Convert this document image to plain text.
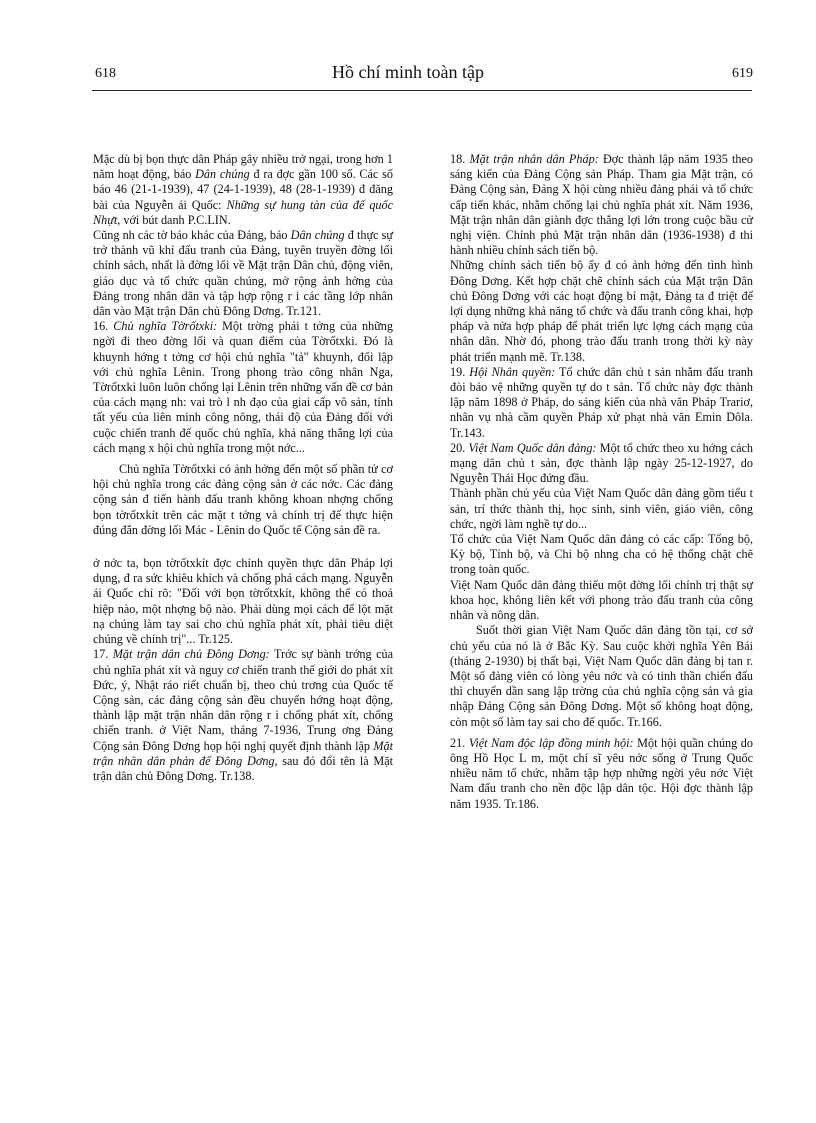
618	Hồ chí minh toàn tập	619

Mặc dù bị bọn thực dân Pháp gây nhiều trở ngại, trong hơn 1 năm hoạt động, báo Dân chúng đ ra đợc gần 100 số. Các số báo 46 (21-1-1939), 47 (24-1-1939), 48 (28-1-1939) đ đăng bài của Nguyễn ái Quốc: Những sự hung tàn của đế quốc Nhựt, với bút danh P.C.LIN.

Cũng nh các tờ báo khác của Đảng, báo Dân chúng đ thực sự trở thành vũ khí đấu tranh của Đảng, tuyên truyền đờng lối chính sách, nhất là đờng lối về Mặt trận Dân chủ, động viên, giáo dục và tổ chức quần chúng, mở rộng ảnh hởng của Đảng trong nhân dân và tập hợp rộng r i các tầng lớp nhân dân vào Mặt trận Dân chủ Đông Dơng. Tr.121.

16. Chủ nghĩa Tờrốtxki: Một trờng phái t tởng của những ngời đi theo đờng lối và quan điểm của Tờrốtxki. Đó là khuynh hớng t tởng cơ hội chủ nghĩa "tả" khuynh, đối lập với chủ nghĩa Lênin. Trong phong trào công nhân Nga, Tờrốtxki luôn luôn chống lại Lênin trên những vấn đề cơ bản của cách mạng nh: vai trò l nh đạo của giai cấp vô sản, tính tất yếu của liên minh công nông, thái độ của Đảng đối với cuộc chiến tranh đế quốc chủ nghĩa, khả năng thắng lợi của cách mạng x hội chủ nghĩa trong một nớc...

Chủ nghĩa Tờrốtxki có ảnh hởng đến một số phần tử cơ hội chủ nghĩa trong các đảng cộng sản ở các nớc. Các đảng cộng sản đ tiến hành đấu tranh không khoan nhợng chống bọn tờrốtxkít trên các mặt t tởng và chính trị để thực hiện đúng đắn đờng lối Mác - Lênin do Quốc tế Cộng sản đề ra.

ở nớc ta, bọn tờrốtxkít đợc chính quyền thực dân Pháp lợi dụng, đ ra sức khiêu khích và chống phá cách mạng. Nguyễn ái Quốc chỉ rõ: "Đối với bọn tờrốtxkít, không thể có thoả hiệp nào, một nhợng bộ nào. Phải dùng mọi cách để lột mặt nạ chúng làm tay sai cho chủ nghĩa phát xít, phải tiêu diệt chúng về chính trị"... Tr.125.

17. Mặt trận dân chủ Đông Dơng: Trớc sự bành trớng của chủ nghĩa phát xít và nguy cơ chiến tranh thế giới do phát xít Đức, ý, Nhật ráo riết chuẩn bị, theo chủ trơng của Quốc tế Cộng sản, các đảng cộng sản đều chuyển hớng hoạt động, thành lập mặt trận nhân dân rộng r i chống phát xít, chống chiến tranh. ở Việt Nam, tháng 7-1936, Trung ơng Đảng Cộng sản Đông Dơng họp hội nghị quyết định thành lập Mặt trận nhân dân phản đế Đông Dơng, sau đó đổi tên là Mặt trận dân chủ Đông Dơng. Tr.138.

18. Mặt trận nhân dân Pháp: Đợc thành lập năm 1935 theo sáng kiến của Đảng Cộng sản Pháp. Tham gia Mặt trận, có Đảng Cộng sản, Đảng X hội cùng nhiều đảng phái và tổ chức cấp tiến khác, nhằm chống lại chủ nghĩa phát xít. Năm 1936, Mặt trận nhân dân giành đợc thắng lợi lớn trong cuộc bầu cử nghị viện. Chính phủ Mặt trận nhân dân (1936-1938) đ thi hành nhiều chính sách tiến bộ.

Những chính sách tiến bộ ấy đ có ảnh hởng đến tình hình Đông Dơng. Kết hợp chặt chẽ chính sách của Mặt trận Dân chủ Đông Dơng với các hoạt động bí mật, Đảng ta đ triệt để lợi dụng những khả năng tổ chức và đấu tranh công khai, hợp pháp và nửa hợp pháp để phát triển lực lợng cách mạng của nhân dân. Nhờ đó, phong trào đấu tranh trong thời kỳ này phát triển mạnh mẽ. Tr.138.

19. Hội Nhân quyền: Tổ chức dân chủ t sản nhằm đấu tranh đòi bảo vệ những quyền tự do t sản. Tổ chức này đợc thành lập năm 1898 ở Pháp, do sáng kiến của nhà văn Pháp Trariơ, nhân vụ nhà cầm quyền Pháp xử phạt nhà văn Emin Dôla. Tr.143.

20. Việt Nam Quốc dân đảng: Một tổ chức theo xu hớng cách mạng dân chủ t sản, đợc thành lập ngày 25-12-1927, do Nguyễn Thái Học đứng đầu.

Thành phần chủ yếu của Việt Nam Quốc dân đảng gồm tiểu t sản, trí thức thành thị, học sinh, sinh viên, giáo viên, công chức, ngời làm nghề tự do...

Tổ chức của Việt Nam Quốc dân đảng có các cấp: Tổng bộ, Kỳ bộ, Tỉnh bộ, và Chi bộ nhng cha có hệ thống chặt chẽ trong toàn quốc.

Việt Nam Quốc dân đảng thiếu một đờng lối chính trị thật sự khoa học, không liên kết với phong trào đấu tranh của công nhân và nông dân.

Suốt thời gian Việt Nam Quốc dân đảng tồn tại, cơ sở chủ yếu của nó là ở Bắc Kỳ. Sau cuộc khởi nghĩa Yên Bái (tháng 2-1930) bị thất bại, Việt Nam Quốc dân đảng bị tan r. Một số đảng viên có lòng yêu nớc và có tinh thần chiến đấu thì chuyển dần sang lập trờng của chủ nghĩa cộng sản và gia nhập Đảng Cộng sản Đông Dơng. Một số không hoạt động, còn một số làm tay sai cho đế quốc. Tr.166.

21. Việt Nam độc lập đồng minh hội: Một hội quần chúng do ông Hồ Học L m, một chí sĩ yêu nớc sống ở Trung Quốc nhiều năm tổ chức, nhằm tập hợp những ngời yêu nớc Việt Nam đấu tranh cho nền độc lập dân tộc. Hội đợc thành lập năm 1935. Tr.186.
